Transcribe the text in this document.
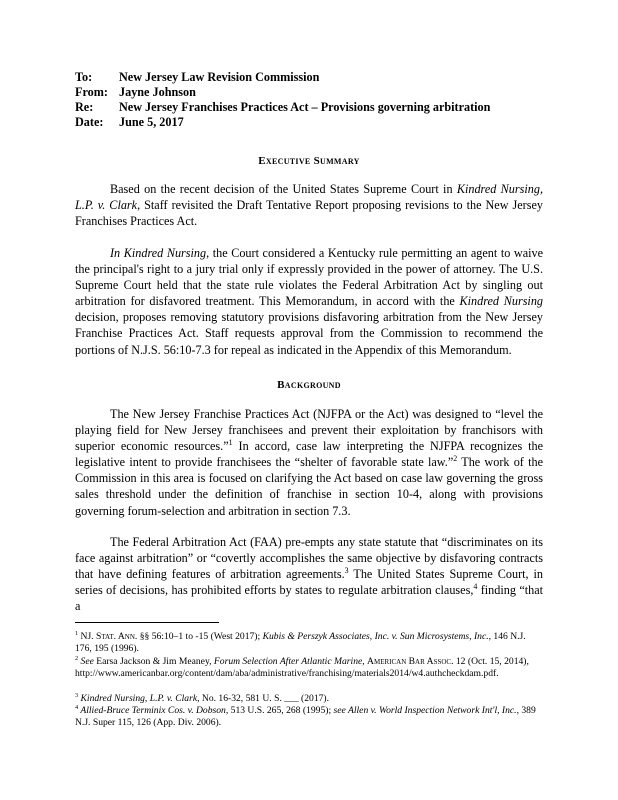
To: New Jersey Law Revision Commission
From: Jayne Johnson
Re: New Jersey Franchises Practices Act – Provisions governing arbitration
Date: June 5, 2017
Executive Summary
Based on the recent decision of the United States Supreme Court in Kindred Nursing, L.P. v. Clark, Staff revisited the Draft Tentative Report proposing revisions to the New Jersey Franchises Practices Act.
In Kindred Nursing, the Court considered a Kentucky rule permitting an agent to waive the principal's right to a jury trial only if expressly provided in the power of attorney. The U.S. Supreme Court held that the state rule violates the Federal Arbitration Act by singling out arbitration for disfavored treatment. This Memorandum, in accord with the Kindred Nursing decision, proposes removing statutory provisions disfavoring arbitration from the New Jersey Franchise Practices Act. Staff requests approval from the Commission to recommend the portions of N.J.S. 56:10-7.3 for repeal as indicated in the Appendix of this Memorandum.
Background
The New Jersey Franchise Practices Act (NJFPA or the Act) was designed to “level the playing field for New Jersey franchisees and prevent their exploitation by franchisors with superior economic resources.”$^1$ In accord, case law interpreting the NJFPA recognizes the legislative intent to provide franchisees the “shelter of favorable state law.”$^2$ The work of the Commission in this area is focused on clarifying the Act based on case law governing the gross sales threshold under the definition of franchise in section 10-4, along with provisions governing forum-selection and arbitration in section 7.3.
The Federal Arbitration Act (FAA) pre-empts any state statute that “discriminates on its face against arbitration” or “covertly accomplishes the same objective by disfavoring contracts that have defining features of arbitration agreements.$^3$ The United States Supreme Court, in series of decisions, has prohibited efforts by states to regulate arbitration clauses,$^4$ finding “that a
$^1$ NJ. Stat. Ann. §§ 56:10–1 to -15 (West 2017); Kubis & Perszyk Associates, Inc. v. Sun Microsystems, Inc., 146 N.J. 176, 195 (1996).
$^2$ See Earsa Jackson & Jim Meaney, Forum Selection After Atlantic Marine, American Bar Assoc. 12 (Oct. 15, 2014),
http://www.americanbar.org/content/dam/aba/administrative/franchising/materials2014/w4.authcheckdam.pdf.
$^3$ Kindred Nursing, L.P. v. Clark, No. 16-32, 581 U. S. ___ (2017).
$^4$ Allied-Bruce Terminix Cos. v. Dobson, 513 U.S. 265, 268 (1995); see Allen v. World Inspection Network Int'l, Inc., 389 N.J. Super 115, 126 (App. Div. 2006).
